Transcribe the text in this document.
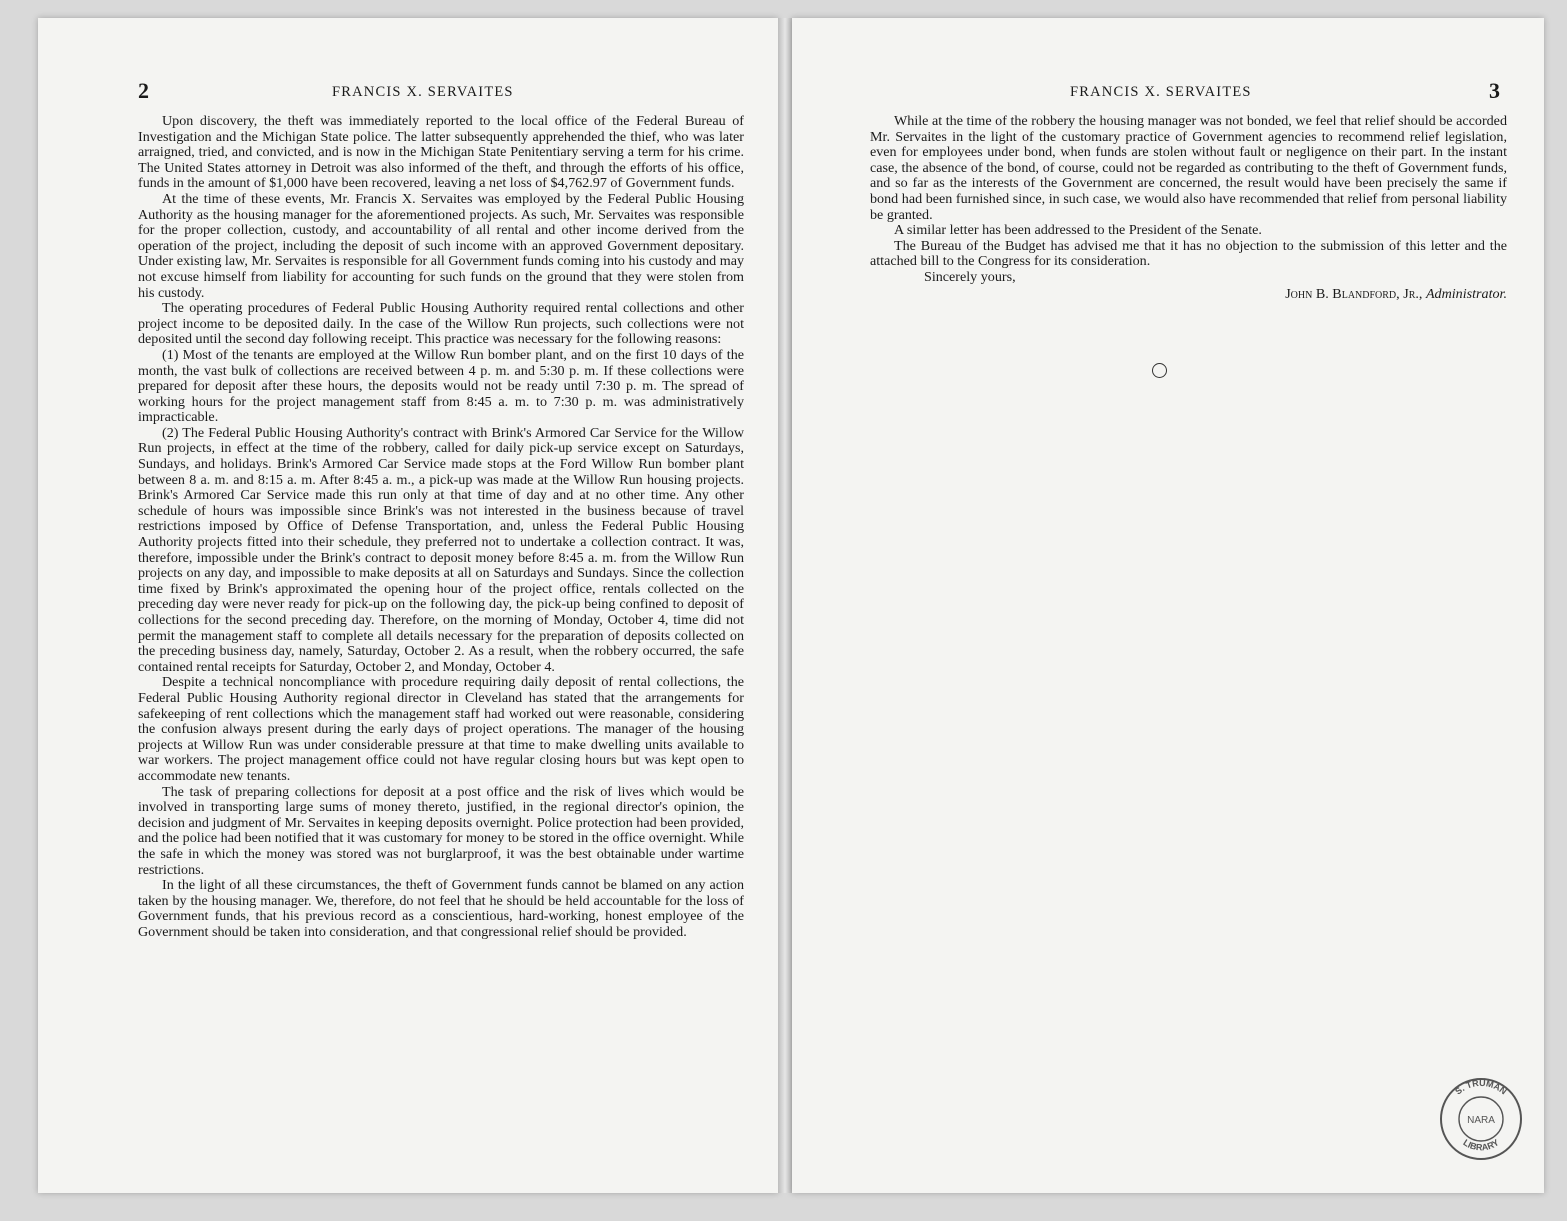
2	FRANCIS X. SERVAITES

Upon discovery, the theft was immediately reported to the local office of the Federal Bureau of Investigation and the Michigan State police. The latter subsequently apprehended the thief, who was later arraigned, tried, and convicted, and is now in the Michigan State Penitentiary serving a term for his crime. The United States attorney in Detroit was also informed of the theft, and through the efforts of his office, funds in the amount of $1,000 have been recovered, leaving a net loss of $4,762.97 of Government funds.

At the time of these events, Mr. Francis X. Servaites was employed by the Federal Public Housing Authority as the housing manager for the aforementioned projects. As such, Mr. Servaites was responsible for the proper collection, custody, and accountability of all rental and other income derived from the operation of the project, including the deposit of such income with an approved Government depositary. Under existing law, Mr. Servaites is responsible for all Government funds coming into his custody and may not excuse himself from liability for accounting for such funds on the ground that they were stolen from his custody.

The operating procedures of Federal Public Housing Authority required rental collections and other project income to be deposited daily. In the case of the Willow Run projects, such collections were not deposited until the second day following receipt. This practice was necessary for the following reasons:

(1) Most of the tenants are employed at the Willow Run bomber plant, and on the first 10 days of the month, the vast bulk of collections are received between 4 p. m. and 5:30 p. m. If these collections were prepared for deposit after these hours, the deposits would not be ready until 7:30 p. m. The spread of working hours for the project management staff from 8:45 a. m. to 7:30 p. m. was administratively impracticable.

(2) The Federal Public Housing Authority's contract with Brink's Armored Car Service for the Willow Run projects, in effect at the time of the robbery, called for daily pick-up service except on Saturdays, Sundays, and holidays. Brink's Armored Car Service made stops at the Ford Willow Run bomber plant between 8 a. m. and 8:15 a. m. After 8:45 a. m., a pick-up was made at the Willow Run housing projects. Brink's Armored Car Service made this run only at that time of day and at no other time. Any other schedule of hours was impossible since Brink's was not interested in the business because of travel restrictions imposed by Office of Defense Transportation, and, unless the Federal Public Housing Authority projects fitted into their schedule, they preferred not to undertake a collection contract. It was, therefore, impossible under the Brink's contract to deposit money before 8:45 a. m. from the Willow Run projects on any day, and impossible to make deposits at all on Saturdays and Sundays. Since the collection time fixed by Brink's approximated the opening hour of the project office, rentals collected on the preceding day were never ready for pick-up on the following day, the pick-up being confined to deposit of collections for the second preceding day. Therefore, on the morning of Monday, October 4, time did not permit the management staff to complete all details necessary for the preparation of deposits collected on the preceding business day, namely, Saturday, October 2. As a result, when the robbery occurred, the safe contained rental receipts for Saturday, October 2, and Monday, October 4.

Despite a technical noncompliance with procedure requiring daily deposit of rental collections, the Federal Public Housing Authority regional director in Cleveland has stated that the arrangements for safekeeping of rent collections which the management staff had worked out were reasonable, considering the confusion always present during the early days of project operations. The manager of the housing projects at Willow Run was under considerable pressure at that time to make dwelling units available to war workers. The project management office could not have regular closing hours but was kept open to accommodate new tenants.

The task of preparing collections for deposit at a post office and the risk of lives which would be involved in transporting large sums of money thereto, justified, in the regional director's opinion, the decision and judgment of Mr. Servaites in keeping deposits overnight. Police protection had been provided, and the police had been notified that it was customary for money to be stored in the office overnight. While the safe in which the money was stored was not burglarproof, it was the best obtainable under wartime restrictions.

In the light of all these circumstances, the theft of Government funds cannot be blamed on any action taken by the housing manager. We, therefore, do not feel that he should be held accountable for the loss of Government funds, that his previous record as a conscientious, hard-working, honest employee of the Government should be taken into consideration, and that congressional relief should be provided.

FRANCIS X. SERVAITES	3

While at the time of the robbery the housing manager was not bonded, we feel that relief should be accorded Mr. Servaites in the light of the customary practice of Government agencies to recommend relief legislation, even for employees under bond, when funds are stolen without fault or negligence on their part. In the instant case, the absence of the bond, of course, could not be regarded as contributing to the theft of Government funds, and so far as the interests of the Government are concerned, the result would have been precisely the same if bond had been furnished since, in such case, we would also have recommended that relief from personal liability be granted.

A similar letter has been addressed to the President of the Senate.

The Bureau of the Budget has advised me that it has no objection to the submission of this letter and the attached bill to the Congress for its consideration.

Sincerely yours,

John B. Blandford, Jr., Administrator.
S. TRUMAN
LIBRARY
NARA
